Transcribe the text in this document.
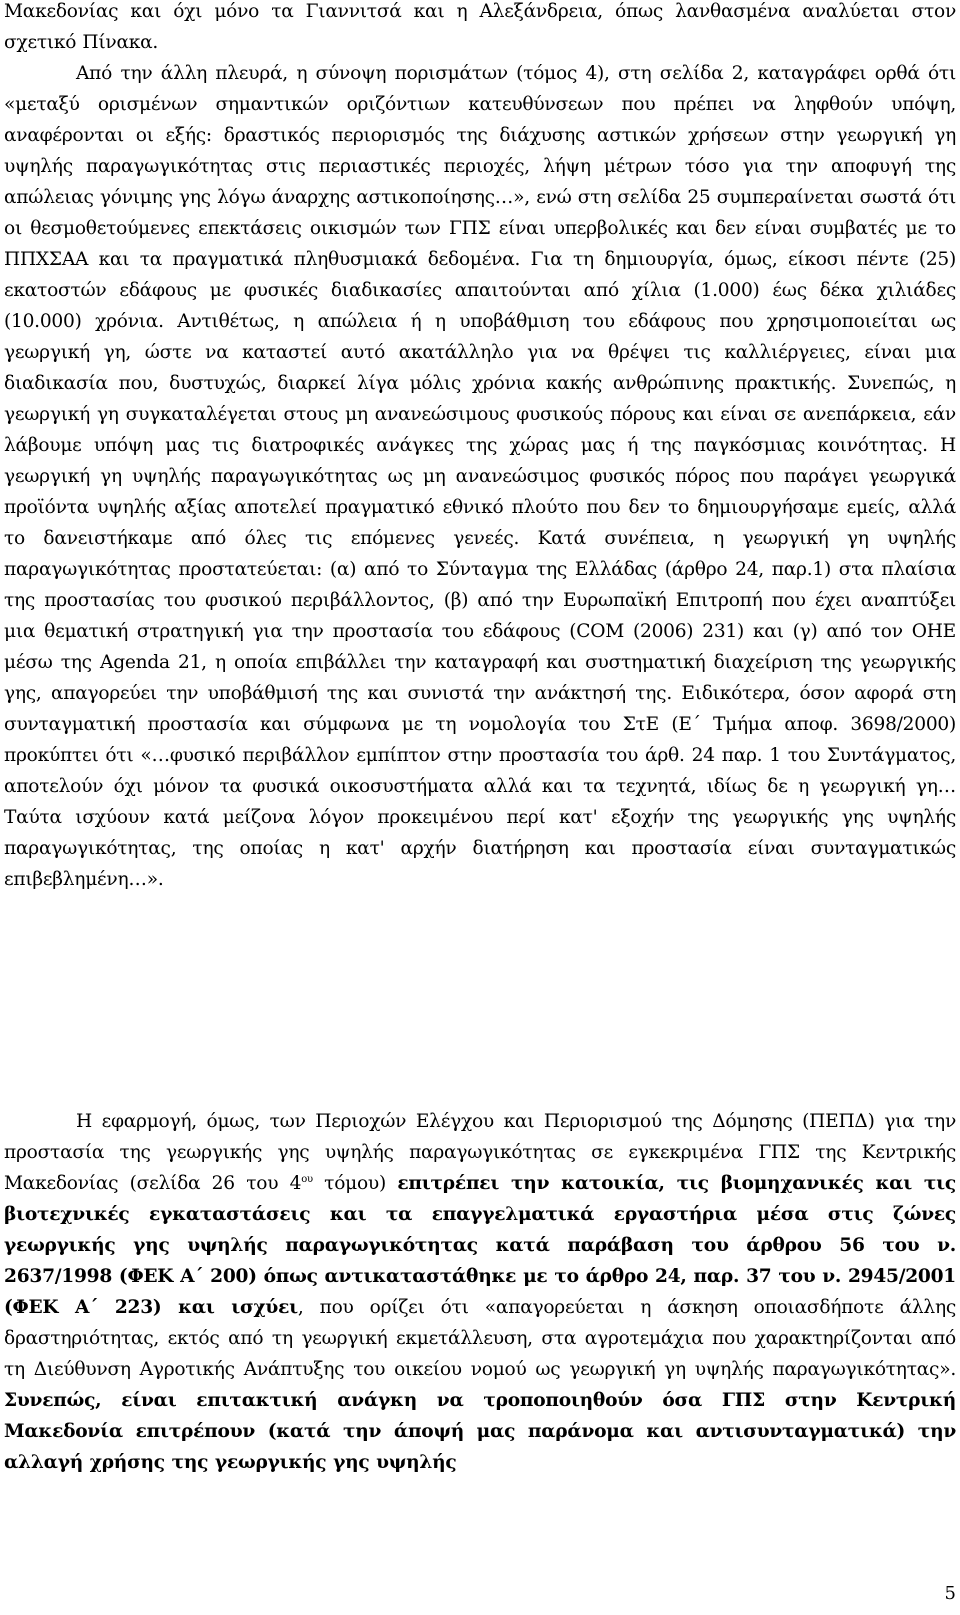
Μακεδονίας και όχι μόνο τα Γιαννιτσά και η Αλεξάνδρεια, όπως λανθασμένα αναλύεται στον σχετικό Πίνακα.

Από την άλλη πλευρά, η σύνοψη πορισμάτων (τόμος 4), στη σελίδα 2, καταγράφει ορθά ότι «μεταξύ ορισμένων σημαντικών οριζόντιων κατευθύνσεων που πρέπει να ληφθούν υπόψη, αναφέρονται οι εξής: δραστικός περιορισμός της διάχυσης αστικών χρήσεων στην γεωργική γη υψηλής παραγωγικότητας στις περιαστικές περιοχές, λήψη μέτρων τόσο για την αποφυγή της απώλειας γόνιμης γης λόγω άναρχης αστικοποίησης…», ενώ στη σελίδα 25 συμπεραίνεται σωστά ότι οι θεσμοθετούμενες επεκτάσεις οικισμών των ΓΠΣ είναι υπερβολικές και δεν είναι συμβατές με το ΠΠΧΣΑΑ και τα πραγματικά πληθυσμιακά δεδομένα. Για τη δημιουργία, όμως, είκοσι πέντε (25) εκατοστών εδάφους με φυσικές διαδικασίες απαιτούνται από χίλια (1.000) έως δέκα χιλιάδες (10.000) χρόνια. Αντιθέτως, η απώλεια ή η υποβάθμιση του εδάφους που χρησιμοποιείται ως γεωργική γη, ώστε να καταστεί αυτό ακατάλληλο για να θρέψει τις καλλιέργειες, είναι μια διαδικασία που, δυστυχώς, διαρκεί λίγα μόλις χρόνια κακής ανθρώπινης πρακτικής. Συνεπώς, η γεωργική γη συγκαταλέγεται στους μη ανανεώσιμους φυσικούς πόρους και είναι σε ανεπάρκεια, εάν λάβουμε υπόψη μας τις διατροφικές ανάγκες της χώρας μας ή της παγκόσμιας κοινότητας. Η γεωργική γη υψηλής παραγωγικότητας ως μη ανανεώσιμος φυσικός πόρος που παράγει γεωργικά προϊόντα υψηλής αξίας αποτελεί πραγματικό εθνικό πλούτο που δεν το δημιουργήσαμε εμείς, αλλά το δανειστήκαμε από όλες τις επόμενες γενεές. Κατά συνέπεια, η γεωργική γη υψηλής παραγωγικότητας προστατεύεται: (α) από το Σύνταγμα της Ελλάδας (άρθρο 24, παρ.1) στα πλαίσια της προστασίας του φυσικού περιβάλλοντος, (β) από την Ευρωπαϊκή Επιτροπή που έχει αναπτύξει μια θεματική στρατηγική για την προστασία του εδάφους (COM (2006) 231) και (γ) από τον ΟΗΕ μέσω της Agenda 21, η οποία επιβάλλει την καταγραφή και συστηματική διαχείριση της γεωργικής γης, απαγορεύει την υποβάθμισή της και συνιστά την ανάκτησή της. Ειδικότερα, όσον αφορά στη συνταγματική προστασία και σύμφωνα με τη νομολογία του ΣτΕ (Ε΄ Τμήμα αποφ. 3698/2000) προκύπτει ότι «…φυσικό περιβάλλον εμπίπτον στην προστασία του άρθ. 24 παρ. 1 του Συντάγματος, αποτελούν όχι μόνον τα φυσικά οικοσυστήματα αλλά και τα τεχνητά, ιδίως δε η γεωργική γη… Ταύτα ισχύουν κατά μείζονα λόγον προκειμένου περί κατ' εξοχήν της γεωργικής γης υψηλής παραγωγικότητας, της οποίας η κατ' αρχήν διατήρηση και προστασία είναι συνταγματικώς επιβεβλημένη…».

Η εφαρμογή, όμως, των Περιοχών Ελέγχου και Περιορισμού της Δόμησης (ΠΕΠΔ) για την προστασία της γεωργικής γης υψηλής παραγωγικότητας σε εγκεκριμένα ΓΠΣ της Κεντρικής Μακεδονίας (σελίδα 26 του $4^{o\upsilon}$ τόμου) επιτρέπει την κατοικία, τις βιομηχανικές και τις βιοτεχνικές εγκαταστάσεις και τα επαγγελματικά εργαστήρια μέσα στις ζώνες γεωργικής γης υψηλής παραγωγικότητας κατά παράβαση του άρθρου 56 του ν. 2637/1998 (ΦΕΚ Α΄ 200) όπως αντικαταστάθηκε με το άρθρο 24, παρ. 37 του ν. 2945/2001 (ΦΕΚ Α΄ 223) και ισχύει, που ορίζει ότι «απαγορεύεται η άσκηση οποιασδήποτε άλλης δραστηριότητας, εκτός από τη γεωργική εκμετάλλευση, στα αγροτεμάχια που χαρακτηρίζονται από τη Διεύθυνση Αγροτικής Ανάπτυξης του οικείου νομού ως γεωργική γη υψηλής παραγωγικότητας». Συνεπώς, είναι επιτακτική ανάγκη να τροποποιηθούν όσα ΓΠΣ στην Κεντρική Μακεδονία επιτρέπουν (κατά την άποψή μας παράνομα και αντισυνταγματικά) την αλλαγή χρήσης της γεωργικής γης υψηλής

5
